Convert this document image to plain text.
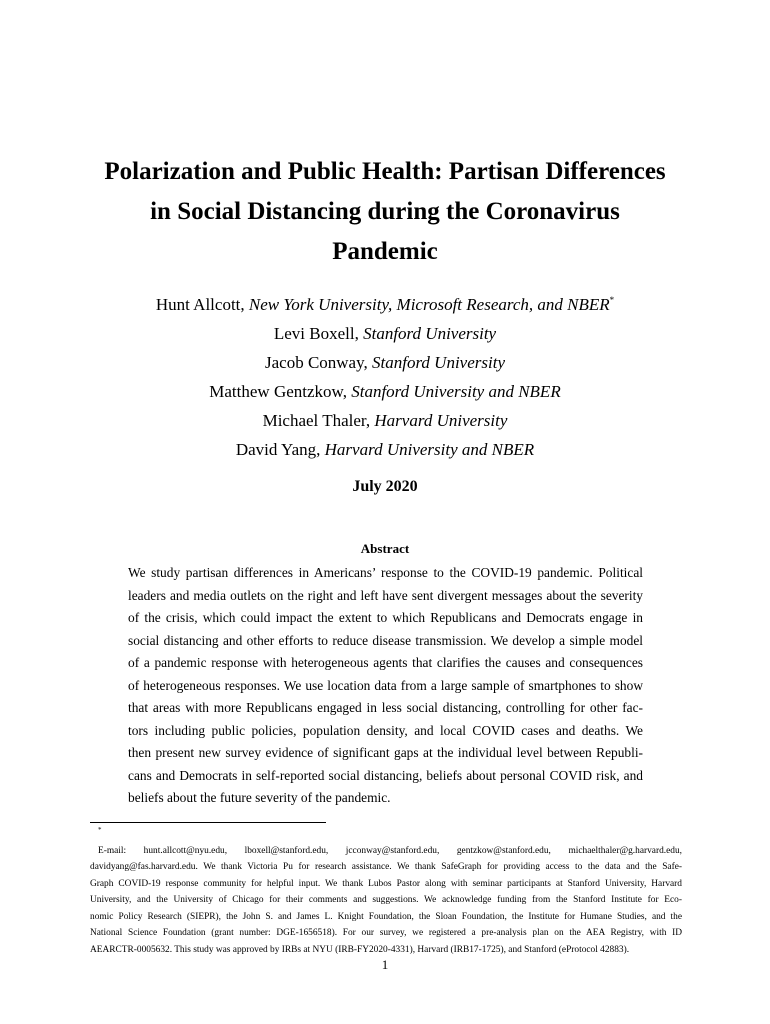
Polarization and Public Health: Partisan Differences
in Social Distancing during the Coronavirus
Pandemic
Hunt Allcott, New York University, Microsoft Research, and NBER*
Levi Boxell, Stanford University
Jacob Conway, Stanford University
Matthew Gentzkow, Stanford University and NBER
Michael Thaler, Harvard University
David Yang, Harvard University and NBER
July 2020
Abstract
We study partisan differences in Americans’ response to the COVID-19 pandemic. Political
leaders and media outlets on the right and left have sent divergent messages about the severity
of the crisis, which could impact the extent to which Republicans and Democrats engage in
social distancing and other efforts to reduce disease transmission. We develop a simple model
of a pandemic response with heterogeneous agents that clarifies the causes and consequences
of heterogeneous responses. We use location data from a large sample of smartphones to show
that areas with more Republicans engaged in less social distancing, controlling for other fac-
tors including public policies, population density, and local COVID cases and deaths. We
then present new survey evidence of significant gaps at the individual level between Republi-
cans and Democrats in self-reported social distancing, beliefs about personal COVID risk, and
beliefs about the future severity of the pandemic.
*
E-mail: hunt.allcott@nyu.edu, lboxell@stanford.edu, jcconway@stanford.edu, gentzkow@stanford.edu, michaelthaler@g.harvard.edu,
davidyang@fas.harvard.edu. We thank Victoria Pu for research assistance. We thank SafeGraph for providing access to the data and the Safe-
Graph COVID-19 response community for helpful input. We thank Lubos Pastor along with seminar participants at Stanford University, Harvard
University, and the University of Chicago for their comments and suggestions. We acknowledge funding from the Stanford Institute for Eco-
nomic Policy Research (SIEPR), the John S. and James L. Knight Foundation, the Sloan Foundation, the Institute for Humane Studies, and the
National Science Foundation (grant number: DGE-1656518). For our survey, we registered a pre-analysis plan on the AEA Registry, with ID
AEARCTR-0005632. This study was approved by IRBs at NYU (IRB-FY2020-4331), Harvard (IRB17-1725), and Stanford (eProtocol 42883).
1
